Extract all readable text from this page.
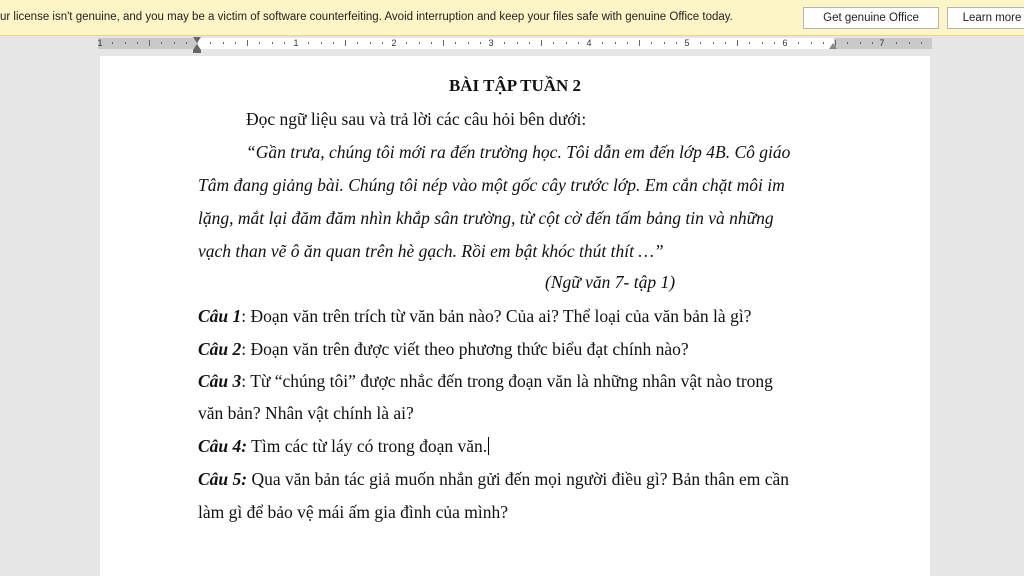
ur license isn't genuine, and you may be a victim of software counterfeiting. Avoid interruption and keep your files safe with genuine Office today.	Get genuine Office	Learn more
1	1	2	3	4	5	6	7
BÀI TẬP TUẦN 2
Đọc ngữ liệu sau và trả lời các câu hỏi bên dưới:
“Gần trưa, chúng tôi mới ra đến trường học. Tôi dẫn em đến lớp 4B. Cô giáo
Tâm đang giảng bài. Chúng tôi nép vào một gốc cây trước lớp. Em cắn chặt môi im
lặng, mắt lại đăm đăm nhìn khắp sân trường, từ cột cờ đến tấm bảng tin và những
vạch than vẽ ô ăn quan trên hè gạch. Rồi em bật khóc thút thít …”
(Ngữ văn 7- tập 1)
Câu 1: Đoạn văn trên trích từ văn bản nào? Của ai? Thể loại của văn bản là gì?
Câu 2: Đoạn văn trên được viết theo phương thức biểu đạt chính nào?
Câu 3: Từ “chúng tôi” được nhắc đến trong đoạn văn là những nhân vật nào trong
văn bản? Nhân vật chính là ai?
Câu 4: Tìm các từ láy có trong đoạn văn.
Câu 5: Qua văn bản tác giả muốn nhắn gửi đến mọi người điều gì? Bản thân em cần
làm gì để bảo vệ mái ấm gia đình của mình?
